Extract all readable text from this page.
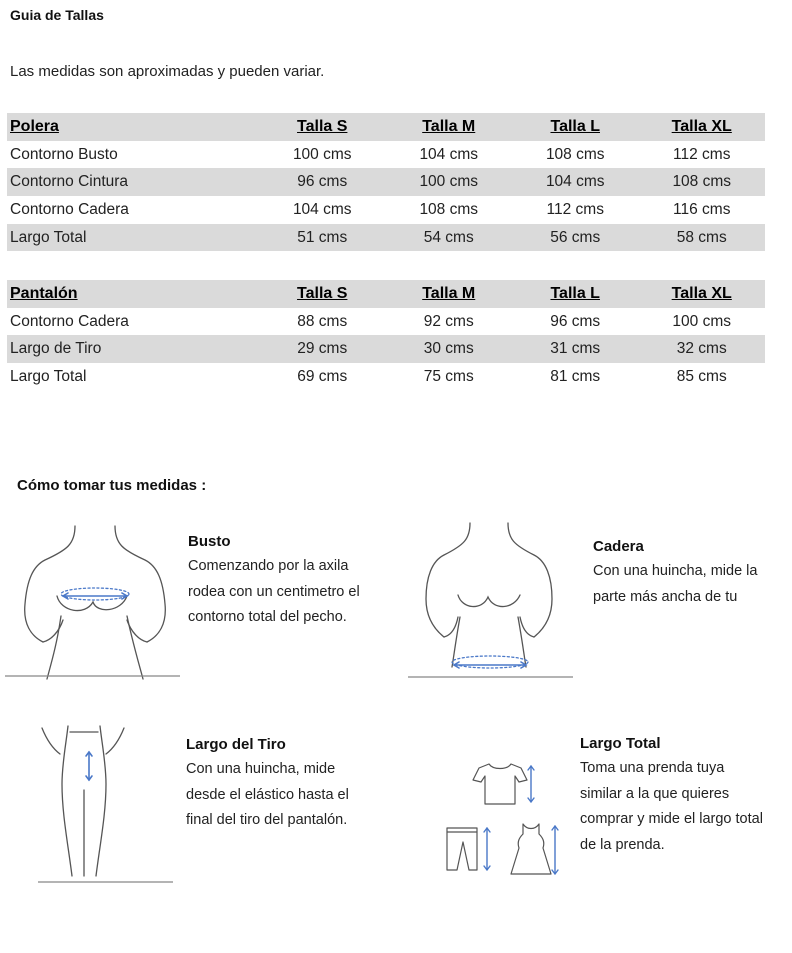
Guia de Tallas
Las medidas son aproximadas y pueden variar.
Polera	Talla S	Talla M	Talla L	Talla XL
Contorno Busto	100 cms	104 cms	108 cms	112 cms
Contorno Cintura	96 cms	100 cms	104 cms	108 cms
Contorno Cadera	104 cms	108 cms	112 cms	116 cms
Largo Total	51 cms	54 cms	56 cms	58 cms
Pantalón	Talla S	Talla M	Talla L	Talla XL
Contorno Cadera	88 cms	92 cms	96 cms	100 cms
Largo de Tiro	29 cms	30 cms	31 cms	32 cms
Largo Total	69 cms	75 cms	81 cms	85 cms
Cómo tomar tus medidas :
Busto

Comenzando por la axila
rodea con un centimetro el
contorno total del pecho.

Cadera

Con una huincha, mide la
parte más ancha de tu

Largo del Tiro

Con una huincha, mide
desde el elástico hasta el
final del tiro del pantalón.

Largo Total

Toma una prenda tuya
similar a la que quieres
comprar y mide el largo total
de la prenda.
